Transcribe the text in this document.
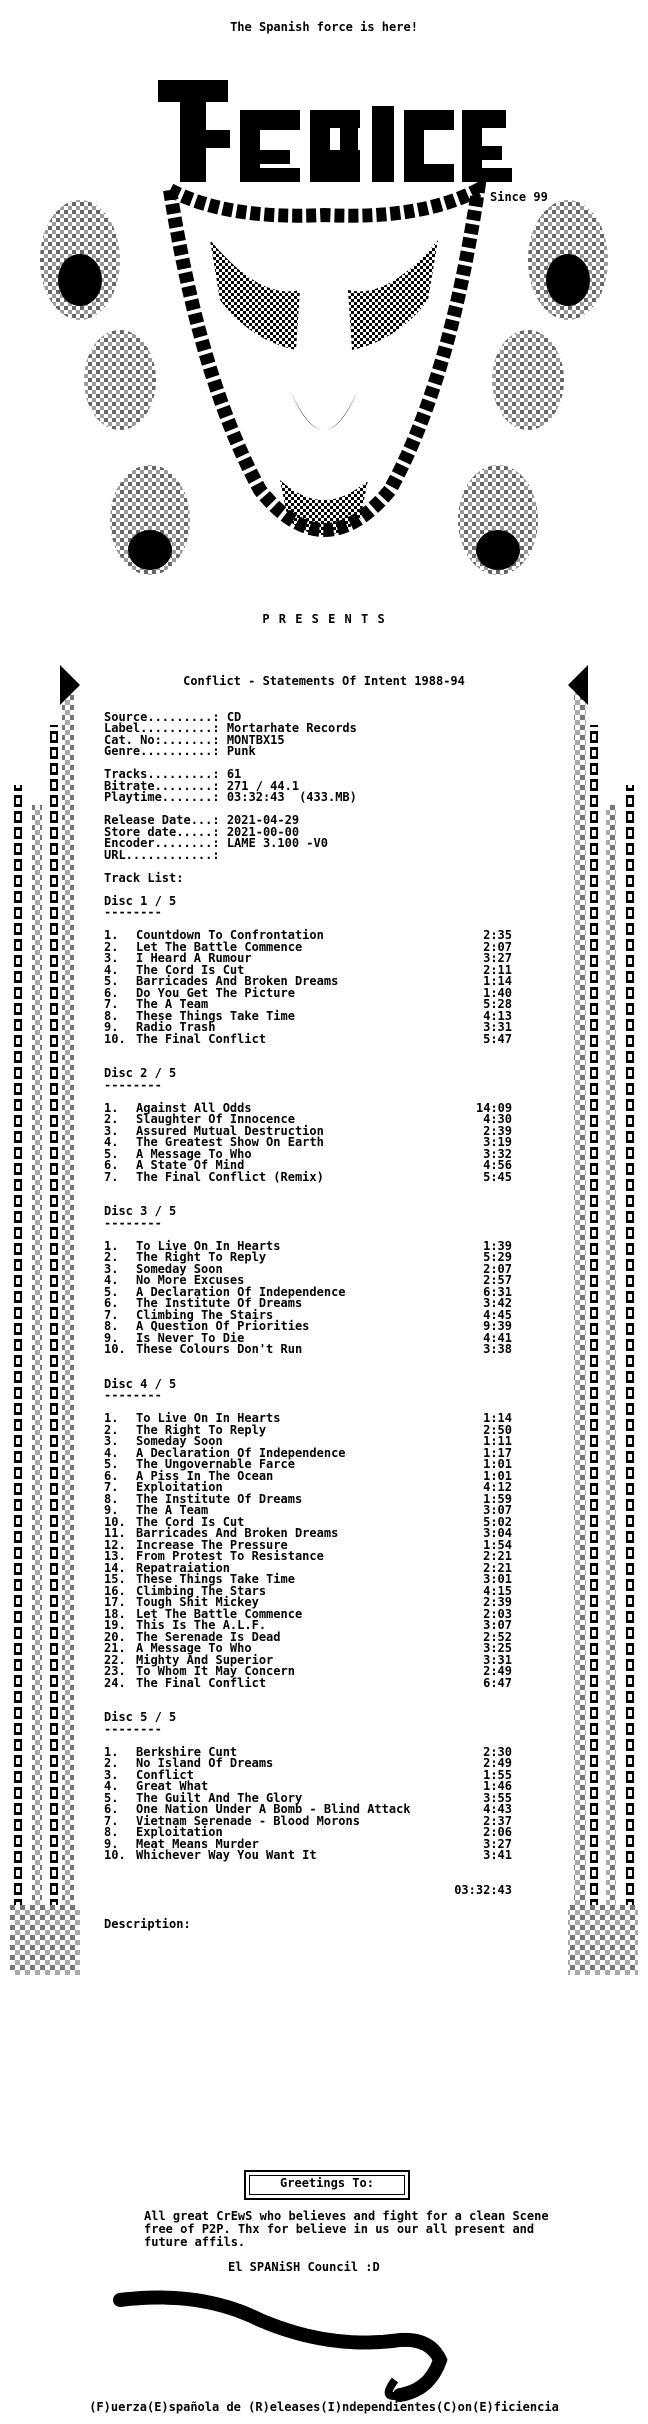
The Spanish force is here!
Since 99
P R E S E N T S
Conflict - Statements Of Intent 1988-94
Source.........: CD
Label..........: Mortarhate Records
Cat. No:.......: MONTBX15
Genre..........: Punk
Tracks.........: 61
Bitrate........: 271 / 44.1
Playtime.......: 03:32:43  (433.MB)
Release Date...: 2021-04-29
Store date.....: 2021-00-00
Encoder........: LAME 3.100 -V0
URL............:
Track List:
Disc 1 / 5
--------
1. Countdown To Confrontation	2:35
2. Let The Battle Commence	2:07
3. I Heard A Rumour	3:27
4. The Cord Is Cut	2:11
5. Barricades And Broken Dreams	1:14
6. Do You Get The Picture	1:40
7. The A Team	5:28
8. These Things Take Time	4:13
9. Radio Trash	3:31
10. The Final Conflict	5:47
Disc 2 / 5
--------
1. Against All Odds	14:09
2. Slaughter Of Innocence	4:30
3. Assured Mutual Destruction	2:39
4. The Greatest Show On Earth	3:19
5. A Message To Who	3:32
6. A State Of Mind	4:56
7. The Final Conflict (Remix)	5:45
Disc 3 / 5
--------
1. To Live On In Hearts	1:39
2. The Right To Reply	5:29
3. Someday Soon	2:07
4. No More Excuses	2:57
5. A Declaration Of Independence	6:31
6. The Institute Of Dreams	3:42
7. Climbing The Stairs	4:45
8. A Question Of Priorities	9:39
9. Is Never To Die	4:41
10. These Colours Don't Run	3:38
Disc 4 / 5
--------
1. To Live On In Hearts	1:14
2. The Right To Reply	2:50
3. Someday Soon	1:11
4. A Declaration Of Independence	1:17
5. The Ungovernable Farce	1:01
6. A Piss In The Ocean	1:01
7. Exploitation	4:12
8. The Institute Of Dreams	1:59
9. The A Team	3:07
10. The Cord Is Cut	5:02
11. Barricades And Broken Dreams	3:04
12. Increase The Pressure	1:54
13. From Protest To Resistance	2:21
14. Repatraiation	2:21
15. These Things Take Time	3:01
16. Climbing The Stars	4:15
17. Tough Shit Mickey	2:39
18. Let The Battle Commence	2:03
19. This Is The A.L.F.	3:07
20. The Serenade Is Dead	2:52
21. A Message To Who	3:25
22. Mighty And Superior	3:31
23. To Whom It May Concern	2:49
24. The Final Conflict	6:47
Disc 5 / 5
--------
1. Berkshire Cunt	2:30
2. No Island Of Dreams	2:49
3. Conflict	1:55
4. Great What	1:46
5. The Guilt And The Glory	3:55
6. One Nation Under A Bomb - Blind Attack	4:43
7. Vietnam Serenade - Blood Morons	2:37
8. Exploitation	2:06
9. Meat Means Murder	3:27
10. Whichever Way You Want It	3:41
03:32:43
Description:
Greetings To:
All great CrEwS who believes and fight for a clean Scene free of P2P. Thx for believe in us our all present and future affils.
El SPANiSH Council :D
(F)uerza(E)spañola de (R)eleases(I)ndependientes(C)on(E)ficiencia
